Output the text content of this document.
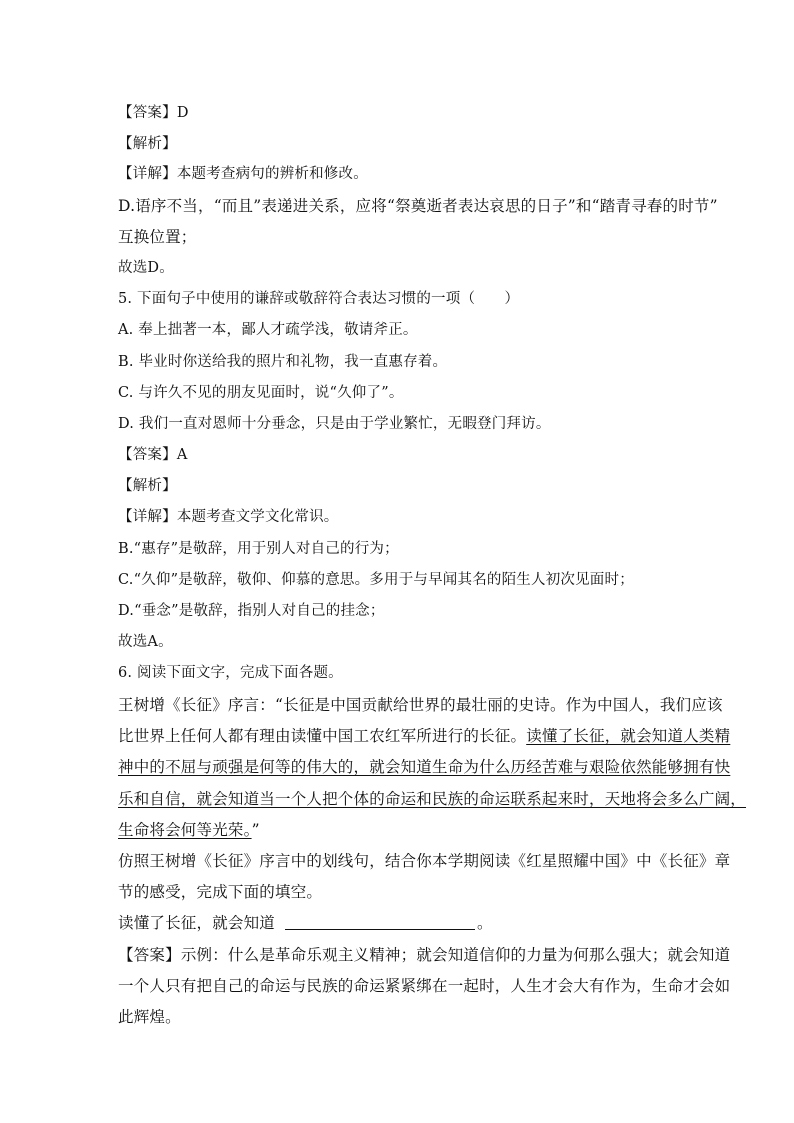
【答案】D
【解析】
【详解】本题考查病句的辨析和修改。
D.语序不当，“而且”表递进关系，应将“祭奠逝者表达哀思的日子”和“踏青寻春的时节”
互换位置；
故选D。
5. 下面句子中使用的谦辞或敬辞符合表达习惯的一项（　　）
A. 奉上拙著一本，鄙人才疏学浅，敬请斧正。
B. 毕业时你送给我的照片和礼物，我一直惠存着。
C. 与许久不见的朋友见面时，说“久仰了”。
D. 我们一直对恩师十分垂念，只是由于学业繁忙，无暇登门拜访。
【答案】A
【解析】
【详解】本题考查文学文化常识。
B.“惠存”是敬辞，用于别人对自己的行为；
C.“久仰”是敬辞，敬仰、仰慕的意思。多用于与早闻其名的陌生人初次见面时；
D.“垂念”是敬辞，指别人对自己的挂念；
故选A。
6. 阅读下面文字，完成下面各题。
王树增《长征》序言：“长征是中国贡献给世界的最壮丽的史诗。作为中国人，我们应该
比世界上任何人都有理由读懂中国工农红军所进行的长征。读懂了长征，就会知道人类精
神中的不屈与顽强是何等的伟大的，就会知道生命为什么历经苦难与艰险依然能够拥有快
乐和自信，就会知道当一个人把个体的命运和民族的命运联系起来时，天地将会多么广阔，
生命将会何等光荣。”
仿照王树增《长征》序言中的划线句，结合你本学期阅读《红星照耀中国》中《长征》章
节的感受，完成下面的填空。
读懂了长征，就会知道	。
【答案】示例：什么是革命乐观主义精神；就会知道信仰的力量为何那么强大；就会知道
一个人只有把自己的命运与民族的命运紧紧绑在一起时，人生才会大有作为，生命才会如
此辉煌。
